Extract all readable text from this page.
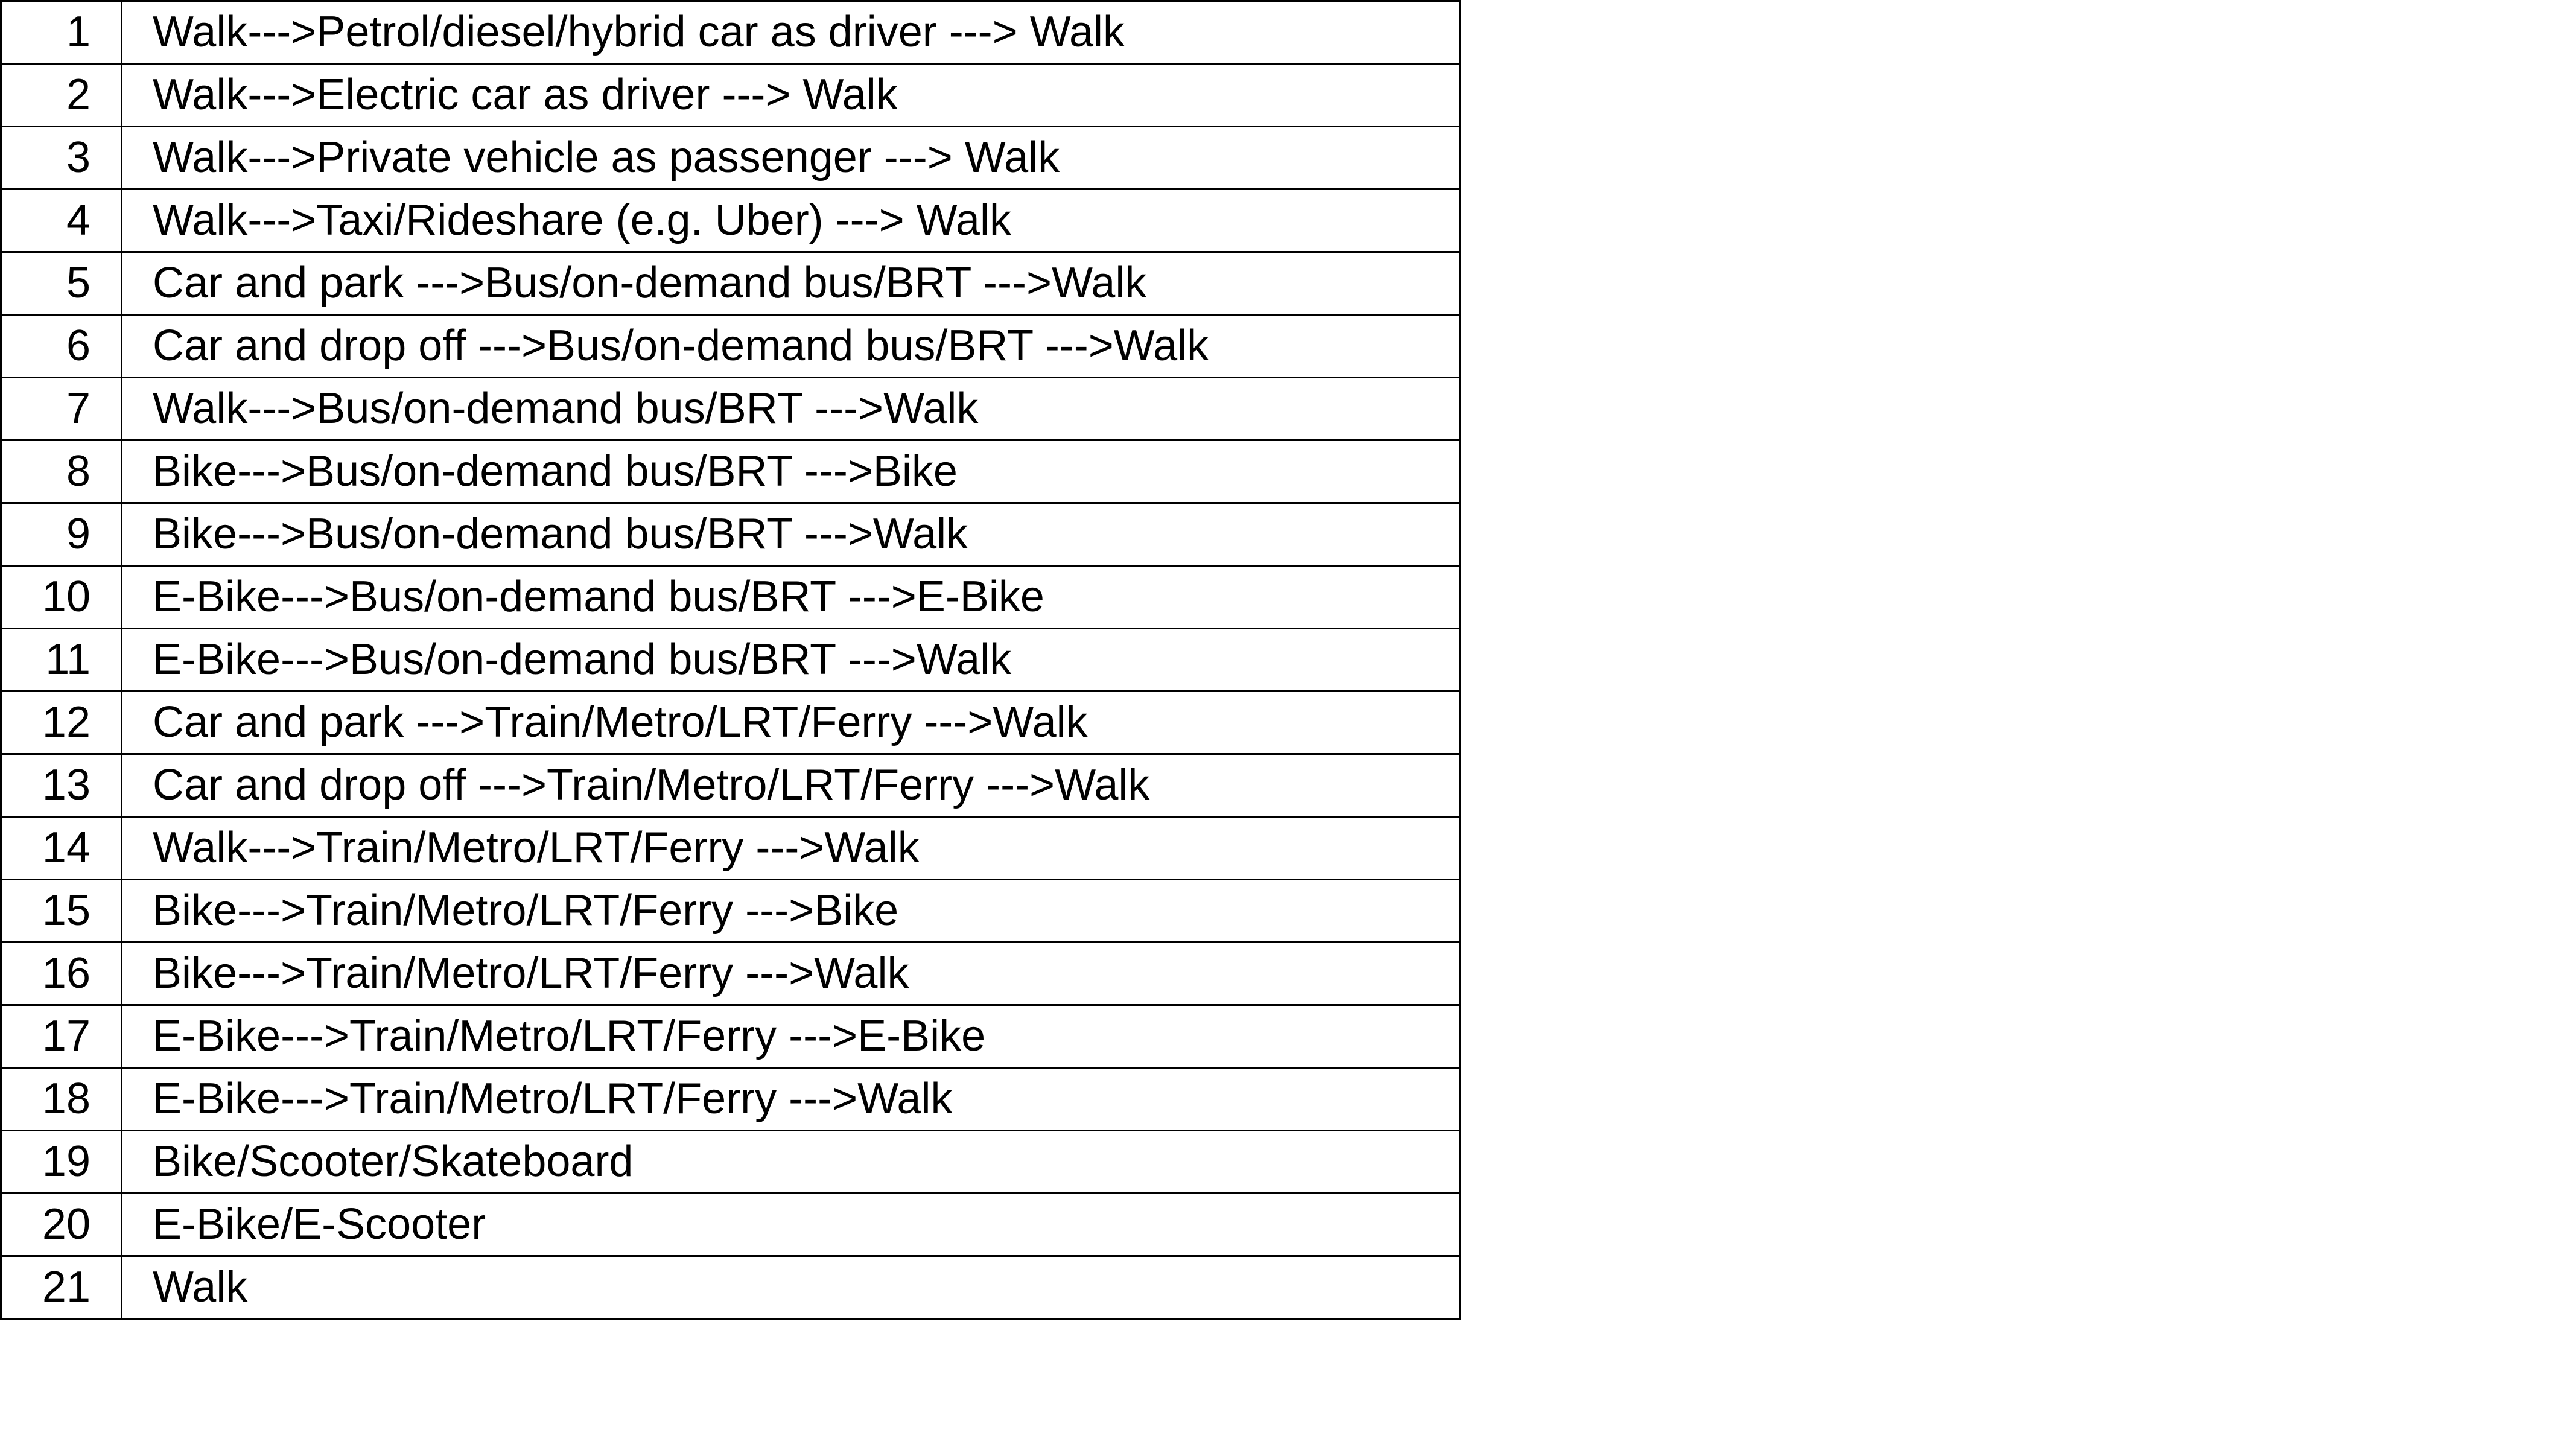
1	Walk--->Petrol/diesel/hybrid car as driver ---> Walk
2	Walk--->Electric car as driver ---> Walk
3	Walk--->Private vehicle as passenger ---> Walk
4	Walk--->Taxi/Rideshare (e.g. Uber) ---> Walk
5	Car and park --->Bus/on-demand bus/BRT --->Walk
6	Car and drop off --->Bus/on-demand bus/BRT --->Walk
7	Walk--->Bus/on-demand bus/BRT --->Walk
8	Bike--->Bus/on-demand bus/BRT --->Bike
9	Bike--->Bus/on-demand bus/BRT --->Walk
10	E-Bike--->Bus/on-demand bus/BRT --->E-Bike
11	E-Bike--->Bus/on-demand bus/BRT --->Walk
12	Car and park --->Train/Metro/LRT/Ferry --->Walk
13	Car and drop off --->Train/Metro/LRT/Ferry --->Walk
14	Walk--->Train/Metro/LRT/Ferry --->Walk
15	Bike--->Train/Metro/LRT/Ferry --->Bike
16	Bike--->Train/Metro/LRT/Ferry --->Walk
17	E-Bike--->Train/Metro/LRT/Ferry --->E-Bike
18	E-Bike--->Train/Metro/LRT/Ferry --->Walk
19	Bike/Scooter/Skateboard
20	E-Bike/E-Scooter
21	Walk
